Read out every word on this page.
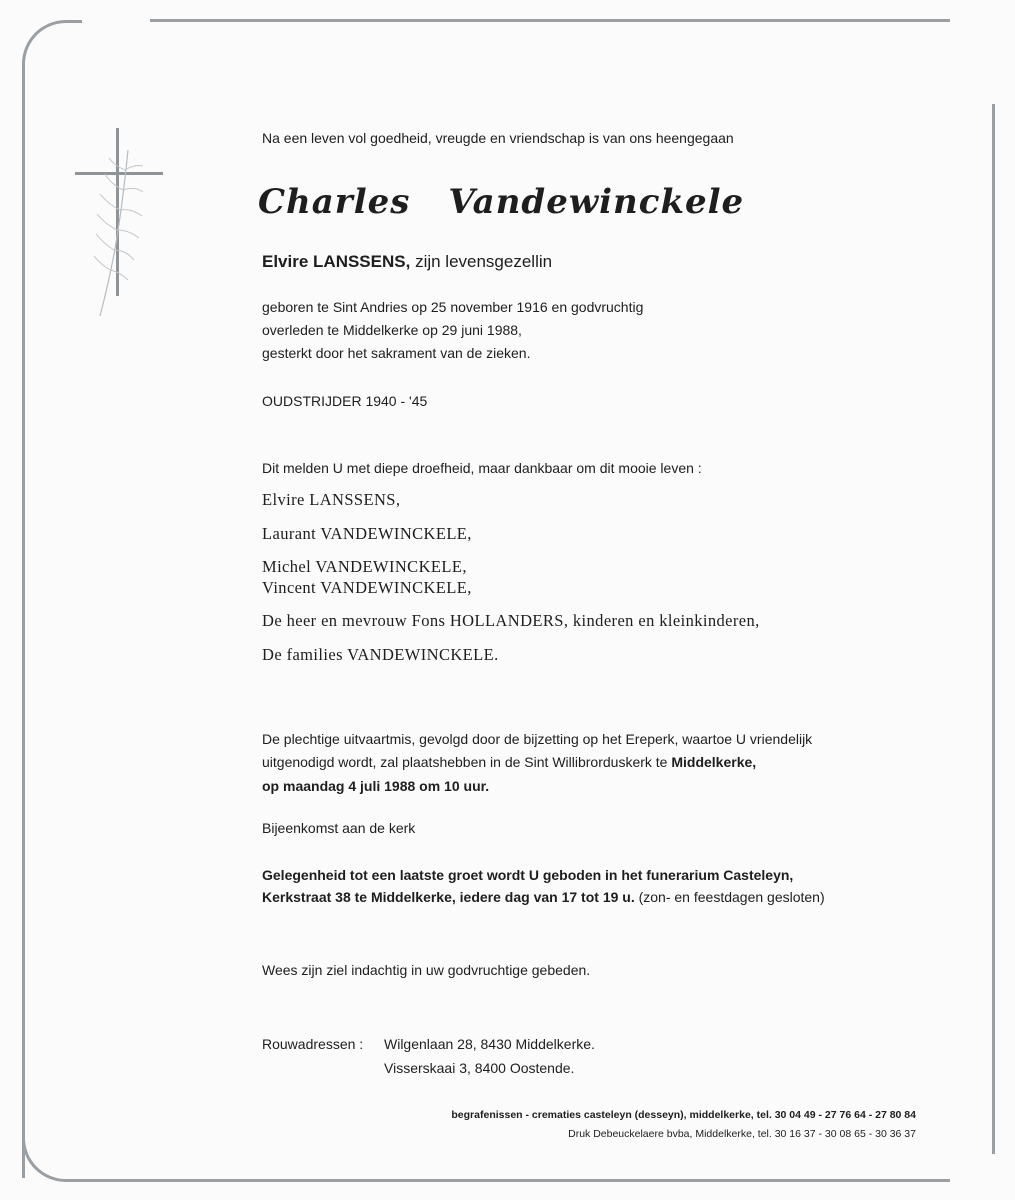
Na een leven vol goedheid, vreugde en vriendschap is van ons heengegaan
Charles Vandewinckele
Elvire LANSSENS, zijn levensgezellin
geboren te Sint Andries op 25 november 1916 en godvruchtig
overleden te Middelkerke op 29 juni 1988,
gesterkt door het sakrament van de zieken.
OUDSTRIJDER 1940 - '45
Dit melden U met diepe droefheid, maar dankbaar om dit mooie leven :
Elvire LANSSENS,
Laurant VANDEWINCKELE,
Michel VANDEWINCKELE,
Vincent VANDEWINCKELE,
De heer en mevrouw Fons HOLLANDERS, kinderen en kleinkinderen,
De families VANDEWINCKELE.
De plechtige uitvaartmis, gevolgd door de bijzetting op het Ereperk, waartoe U vriendelijk
uitgenodigd wordt, zal plaatshebben in de Sint Willibrorduskerk te Middelkerke,
op maandag 4 juli 1988 om 10 uur.
Bijeenkomst aan de kerk
Gelegenheid tot een laatste groet wordt U geboden in het funerarium Casteleyn,
Kerkstraat 38 te Middelkerke, iedere dag van 17 tot 19 u. (zon- en feestdagen gesloten)
Wees zijn ziel indachtig in uw godvruchtige gebeden.
Rouwadressen : Wilgenlaan 28, 8430 Middelkerke.
Visserskaai 3, 8400 Oostende.
begrafenissen - crematies casteleyn (desseyn), middelkerke, tel. 30 04 49 - 27 76 64 - 27 80 84
Druk Debeuckelaere bvba, Middelkerke, tel. 30 16 37 - 30 08 65 - 30 36 37
